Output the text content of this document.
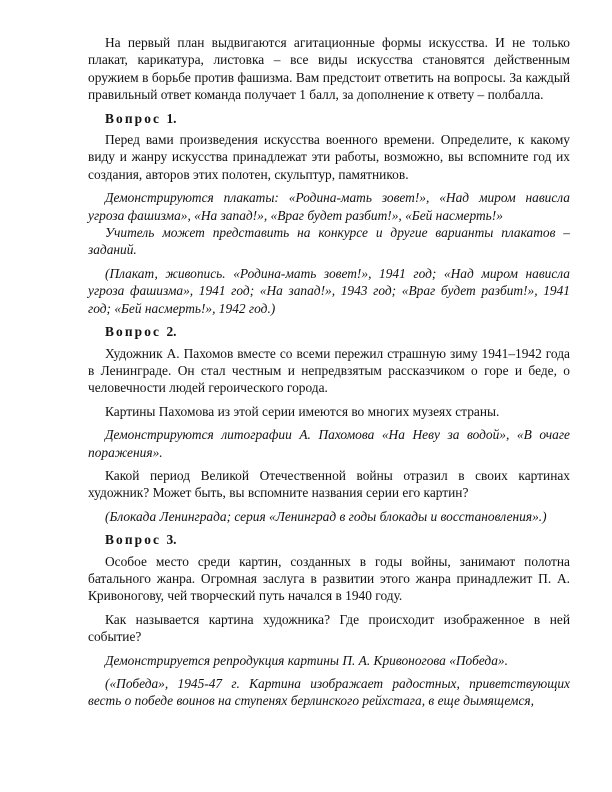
На первый план выдвигаются агитационные формы искусства. И не только плакат, карикатура, листовка – все виды искусства становятся действенным оружием в борьбе против фашизма. Вам предстоит ответить на вопросы. За каждый правильный ответ команда получает 1 балл, за дополнение к ответу – полбалла.

Вопрос 1.

Перед вами произведения искусства военного времени. Определите, к какому виду и жанру искусства принадлежат эти работы, возможно, вы вспомните год их создания, авторов этих полотен, скульптур, памятников.

Демонстрируются плакаты: «Родина-мать зовет!», «Над миром нависла угроза фашизма», «На запад!», «Враг будет разбит!», «Бей насмерть!»

Учитель может представить на конкурсе и другие варианты плакатов – заданий.

(Плакат, живопись. «Родина-мать зовет!», 1941 год; «Над миром нависла угроза фашизма», 1941 год; «На запад!», 1943 год; «Враг будет разбит!», 1941 год; «Бей насмерть!», 1942 год.)

Вопрос 2.

Художник А. Пахомов вместе со всеми пережил страшную зиму 1941–1942 года в Ленинграде. Он стал честным и непредвзятым рассказчиком о горе и беде, о человечности людей героического города.

Картины Пахомова из этой серии имеются во многих музеях страны.

Демонстрируются литографии А. Пахомова «На Неву за водой», «В очаге поражения».

Какой период Великой Отечественной войны отразил в своих картинах художник? Может быть, вы вспомните названия серии его картин?

(Блокада Ленинграда; серия «Ленинград в годы блокады и восстановления».)

Вопрос 3.

Особое место среди картин, созданных в годы войны, занимают полотна батального жанра. Огромная заслуга в развитии этого жанра принадлежит П. А. Кривоногову, чей творческий путь начался в 1940 году.

Как называется картина художника? Где происходит изображенное в ней событие?

Демонстрируется репродукция картины П. А. Кривоногова «Победа».

(«Победа», 1945-47 г. Картина изображает радостных, приветствующих весть о победе воинов на ступенях берлинского рейхстага, в еще дымящемся,
